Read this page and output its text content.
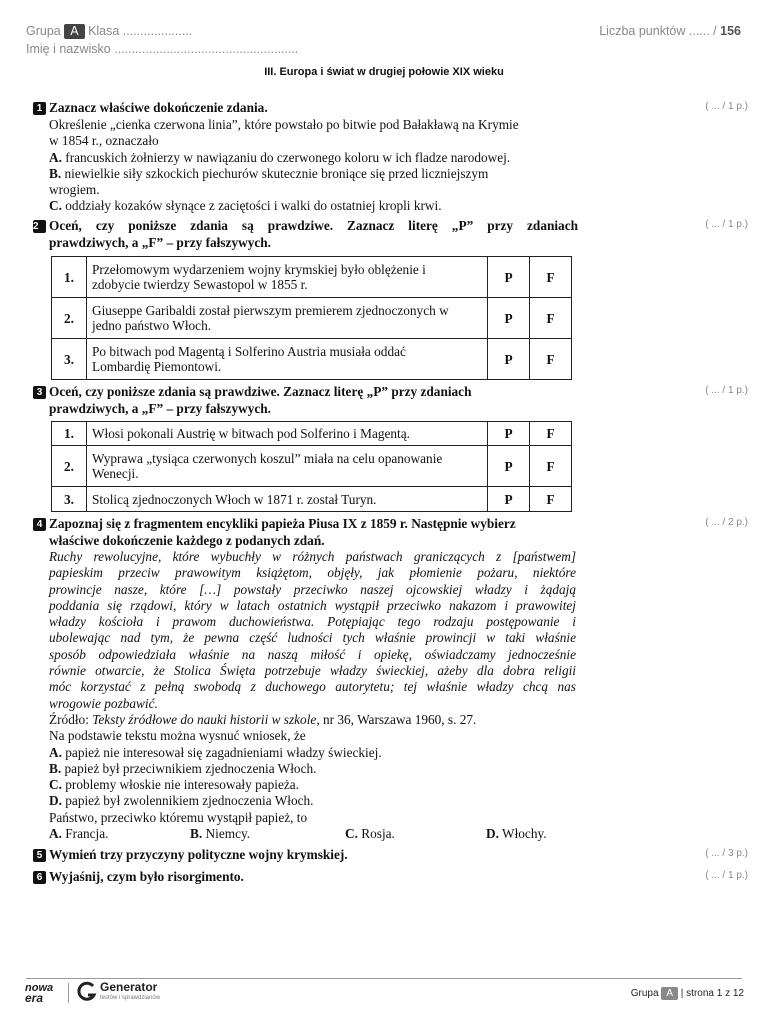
Grupa A Klasa ....................
Imię i nazwisko .....................................................
Liczba punktów ...... / 156
III. Europa i świat w drugiej połowie XIX wieku
1 Zaznacz właściwe dokończenie zdania.	( ... / 1 p.)
Określenie „cienka czerwona linia”, które powstało po bitwie pod Bałakławą na Krymie
w 1854 r., oznaczało
A. francuskich żołnierzy w nawiązaniu do czerwonego koloru w ich fladze narodowej.
B. niewielkie siły szkockich piechurów skutecznie broniące się przed liczniejszym
wrogiem.
C. oddziały kozaków słynące z zaciętości i walki do ostatniej kropli krwi.
2 Oceń, czy poniższe zdania są prawdziwe. Zaznacz literę „P” przy zdaniach
prawdziwych, a „F” – przy fałszywych.
( ... / 1 p.)
1.	Przełomowym wydarzeniem wojny krymskiej było oblężenie i
zdobycie twierdzy Sewastopol w 1855 r.	P	F
2.	Giuseppe Garibaldi został pierwszym premierem zjednoczonych w
jedno państwo Włoch.	P	F
3.	Po bitwach pod Magentą i Solferino Austria musiała oddać
Lombardię Piemontowi.	P	F
3 Oceń, czy poniższe zdania są prawdziwe. Zaznacz literę „P” przy zdaniach
prawdziwych, a „F” – przy fałszywych.
( ... / 1 p.)
1.	Włosi pokonali Austrię w bitwach pod Solferino i Magentą.	P	F
2.	Wyprawa „tysiąca czerwonych koszul” miała na celu opanowanie
Wenecji.	P	F
3.	Stolicą zjednoczonych Włoch w 1871 r. został Turyn.	P	F
4 Zapoznaj się z fragmentem encykliki papieża Piusa IX z 1859 r. Następnie wybierz
właściwe dokończenie każdego z podanych zdań.
( ... / 2 p.)
Ruchy rewolucyjne, które wybuchły w różnych państwach graniczących z [państwem]
papieskim przeciw prawowitym książętom, objęły, jak płomienie pożaru, niektóre
prowincje nasze, które […] powstały przeciwko naszej ojcowskiej władzy i żądają
poddania się rządowi, który w latach ostatnich wystąpił przeciwko nakazom i prawowitej
władzy kościoła i prawom duchowieństwa. Potępiając tego rodzaju postępowanie i
ubolewając nad tym, że pewna część ludności tych właśnie prowincji w taki właśnie
sposób odpowiedziała właśnie na naszą miłość i opiekę, oświadczamy jednocześnie
równie otwarcie, że Stolica Święta potrzebuje władzy świeckiej, ażeby dla dobra religii
móc korzystać z pełną swobodą z duchowego autorytetu; tej właśnie władzy chcą nas
wrogowie pozbawić.
Źródło: Teksty źródłowe do nauki historii w szkole, nr 36, Warszawa 1960, s. 27.
Na podstawie tekstu można wysnuć wniosek, że
A. papież nie interesował się zagadnieniami władzy świeckiej.
B. papież był przeciwnikiem zjednoczenia Włoch.
C. problemy włoskie nie interesowały papieża.
D. papież był zwolennikiem zjednoczenia Włoch.
Państwo, przeciwko któremu wystąpił papież, to
A. Francja.	B. Niemcy.	C. Rosja.	D. Włochy.
5 Wymień trzy przyczyny polityczne wojny krymskiej.	( ... / 3 p.)
6 Wyjaśnij, czym było risorgimento.	( ... / 1 p.)
nowa
era
Generator
testów i sprawdzianów	Grupa A | strona 1 z 12
